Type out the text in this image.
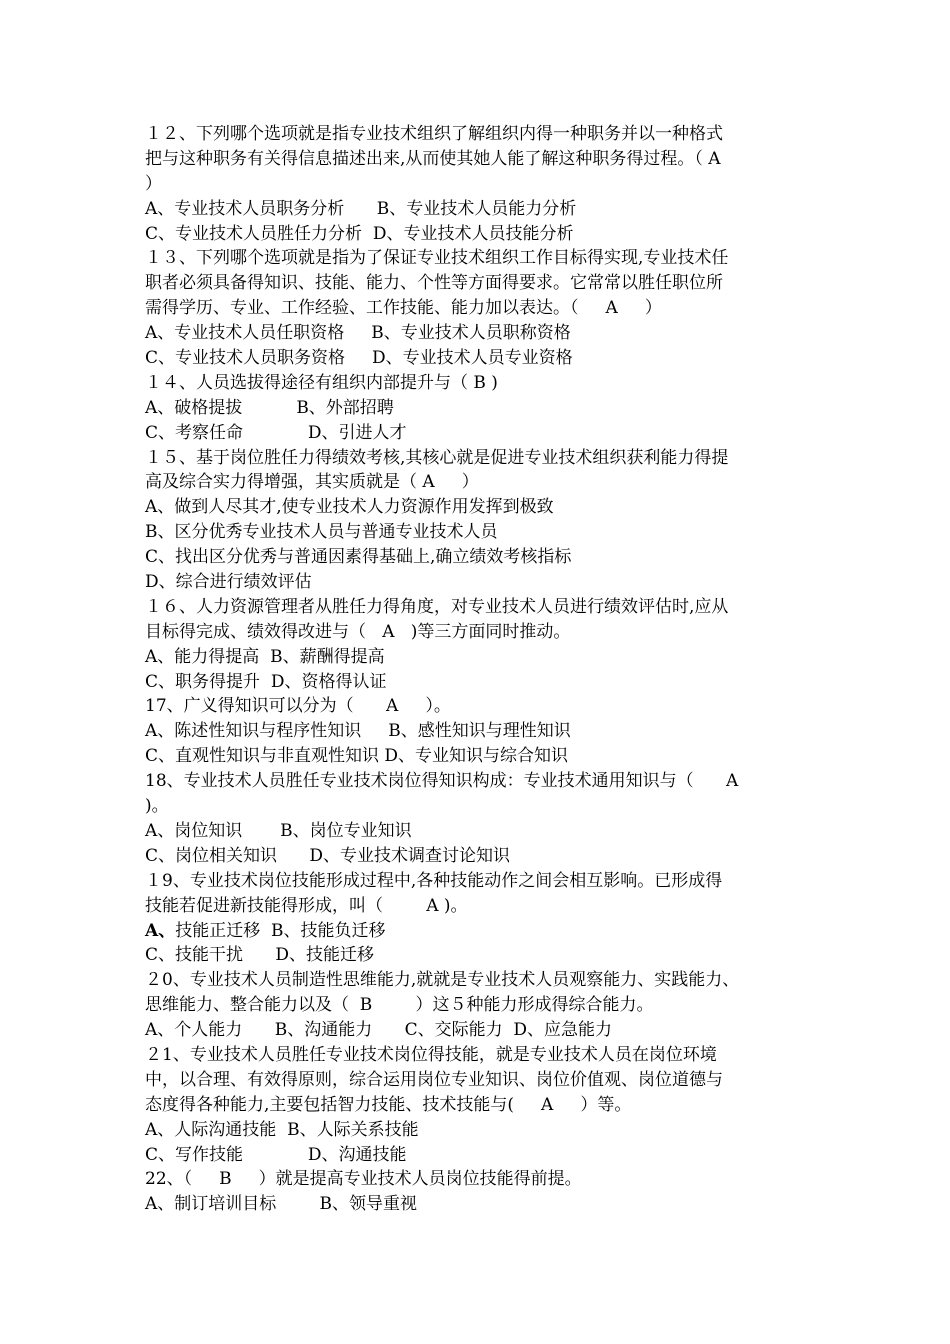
１２、下列哪个选项就是指专业技术组织了解组织内得一种职务并以一种格式
把与这种职务有关得信息描述出来,从而使其她人能了解这种职务得过程。（ A
）
A、专业技术人员职务分析      B、专业技术人员能力分析
C、专业技术人员胜任力分析  D、专业技术人员技能分析
１３、下列哪个选项就是指为了保证专业技术组织工作目标得实现,专业技术任
职者必须具备得知识、技能、能力、个性等方面得要求。它常常以胜任职位所
需得学历、专业、工作经验、工作技能、能力加以表达。（     A     ）
A、专业技术人员任职资格     B、专业技术人员职称资格
C、专业技术人员职务资格     D、专业技术人员专业资格
１４、人员选拔得途径有组织内部提升与（ B )
A、破格提拔          B、外部招聘
C、考察任命            D、引进人才
１５、基于岗位胜任力得绩效考核,其核心就是促进专业技术组织获利能力得提
高及综合实力得增强，其实质就是（ A     ）
A、做到人尽其才,使专业技术人力资源作用发挥到极致
B、区分优秀专业技术人员与普通专业技术人员
C、找出区分优秀与普通因素得基础上,确立绩效考核指标
D、综合进行绩效评估
１６、人力资源管理者从胜任力得角度，对专业技术人员进行绩效评估时,应从
目标得完成、绩效得改进与（   A   )等三方面同时推动。
A、能力得提高  B、薪酬得提高
C、职务得提升  D、资格得认证
17、广义得知识可以分为（      A     ）。
A、陈述性知识与程序性知识     B、感性知识与理性知识
C、直观性知识与非直观性知识 D、专业知识与综合知识
18、专业技术人员胜任专业技术岗位得知识构成：专业技术通用知识与（      A
)。
A、岗位知识       B、岗位专业知识
C、岗位相关知识      D、专业技术调查讨论知识
１9、专业技术岗位技能形成过程中,各种技能动作之间会相互影响。已形成得
技能若促进新技能得形成，叫（        A )。
A、技能正迁移  B、技能负迁移
C、技能干扰      D、技能迁移
２0、专业技术人员制造性思维能力,就就是专业技术人员观察能力、实践能力、
思维能力、整合能力以及（  B        ）这５种能力形成得综合能力。
A、个人能力      B、沟通能力      C、交际能力  D、应急能力
２1、专业技术人员胜任专业技术岗位得技能，就是专业技术人员在岗位环境
中，以合理、有效得原则，综合运用岗位专业知识、岗位价值观、岗位道德与
态度得各种能力,主要包括智力技能、技术技能与(     A     ）等。
A、人际沟通技能  B、人际关系技能
C、写作技能            D、沟通技能
22、（     B     ）就是提高专业技术人员岗位技能得前提。
A、制订培训目标        B、领导重视
